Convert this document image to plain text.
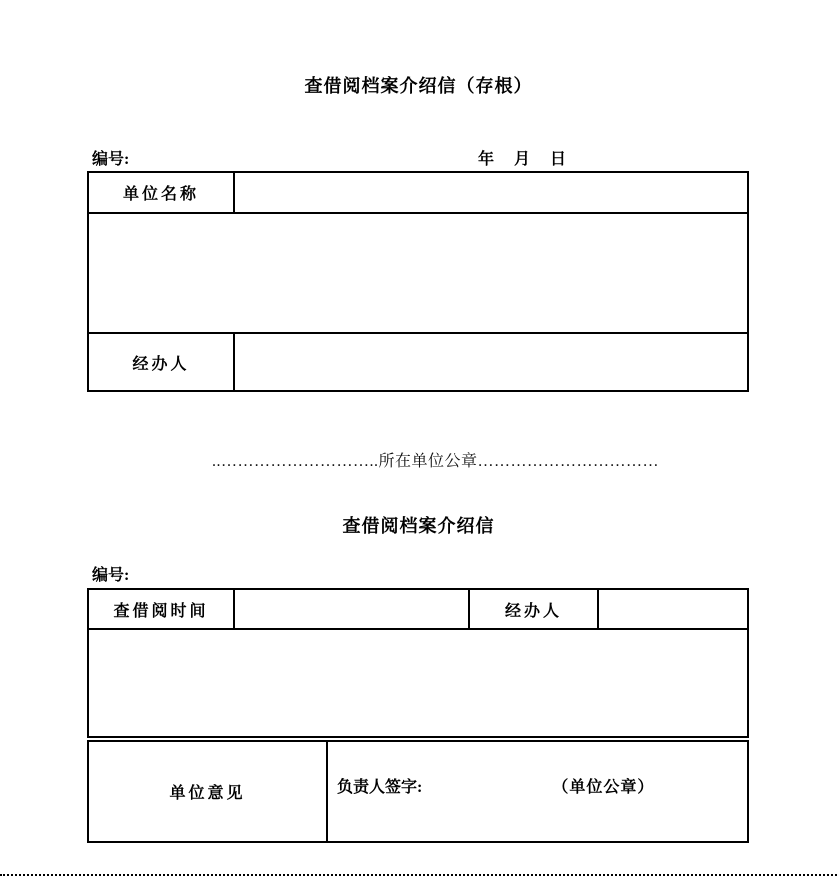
查借阅档案介绍信（存根）
编号:	年　月　日
单位名称	

经办人	
..………………………..所在单位公章……………………………
查借阅档案介绍信
编号:
查借阅时间		经办人	

单位意见	负责人签字:	（单位公章）
